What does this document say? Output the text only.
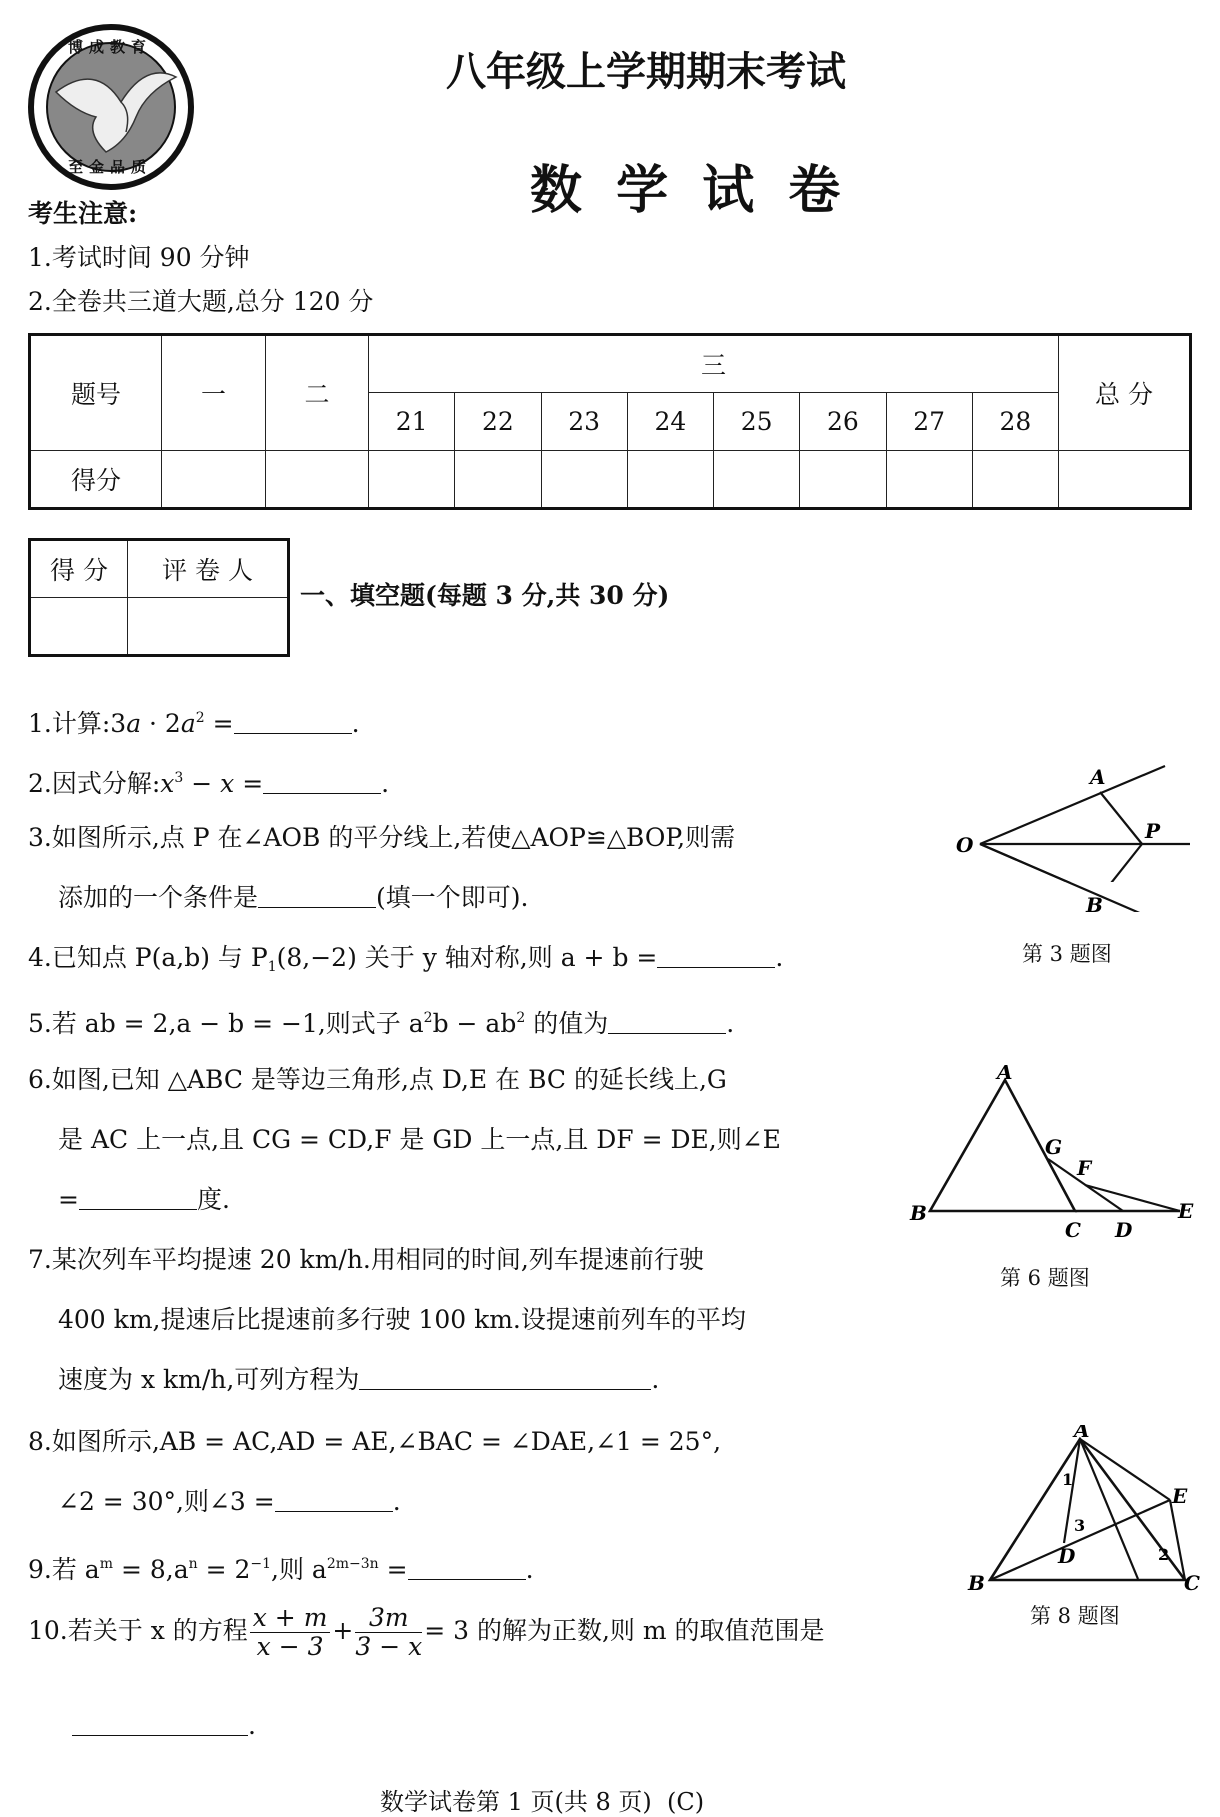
博成教育
至金品质
八年级上学期期末考试
数 学 试 卷
考生注意:
1.考试时间 90 分钟
2.全卷共三道大题,总分 120 分
题号	一	二	三								总 分
			21	22	23	24	25	26	27	28	
得分											
得 分	评 卷 人

一、填空题(每题 3 分,共 30 分)
1.计算:3a · $2a^2$ =	.
2.因式分解$:x^3 - x$ =	.
3.如图所示,点 P 在∠AOB 的平分线上,若使△AOP≌△BOP,则需
添加的一个条件是	(填一个即可).
4.已知点 P(a,b) 与 $P_1(8,-2)$ 关于 y 轴对称,则 a + b =	.
5.若 ab = 2,a − b = −1,则式子 $a^2b - ab^2$ 的值为	.
6.如图,已知 △ABC 是等边三角形,点 D,E 在 BC 的延长线上,G
是 AC 上一点,且 CG = CD,F 是 GD 上一点,且 DF = DE,则∠E
=	度.
7.某次列车平均提速 20 km/h.用相同的时间,列车提速前行驶
400 km,提速后比提速前多行驶 100 km.设提速前列车的平均
速度为 x km/h,可列方程为	.
8.如图所示,AB = AC,AD = AE,∠BAC = ∠DAE,∠1 = 25°,
∠2 = 30°,则∠3 =	.
9.若 $a^m = 8,a^n = 2^{-1}$,则 $a^{2m-3n}$ =	.
10.若关于 x 的方程 $\frac{x + m}{x - 3} + \frac{3m}{3 - x} = 3$ 的解为正数,则 m 的取值范围是
.
A
O
P
B
第 3 题图
A
G
F
B
C D
E
第 6 题图
A
E
1
3
D	2
B	C
第 8 题图
数学试卷第 1 页(共 8 页)  (C)
